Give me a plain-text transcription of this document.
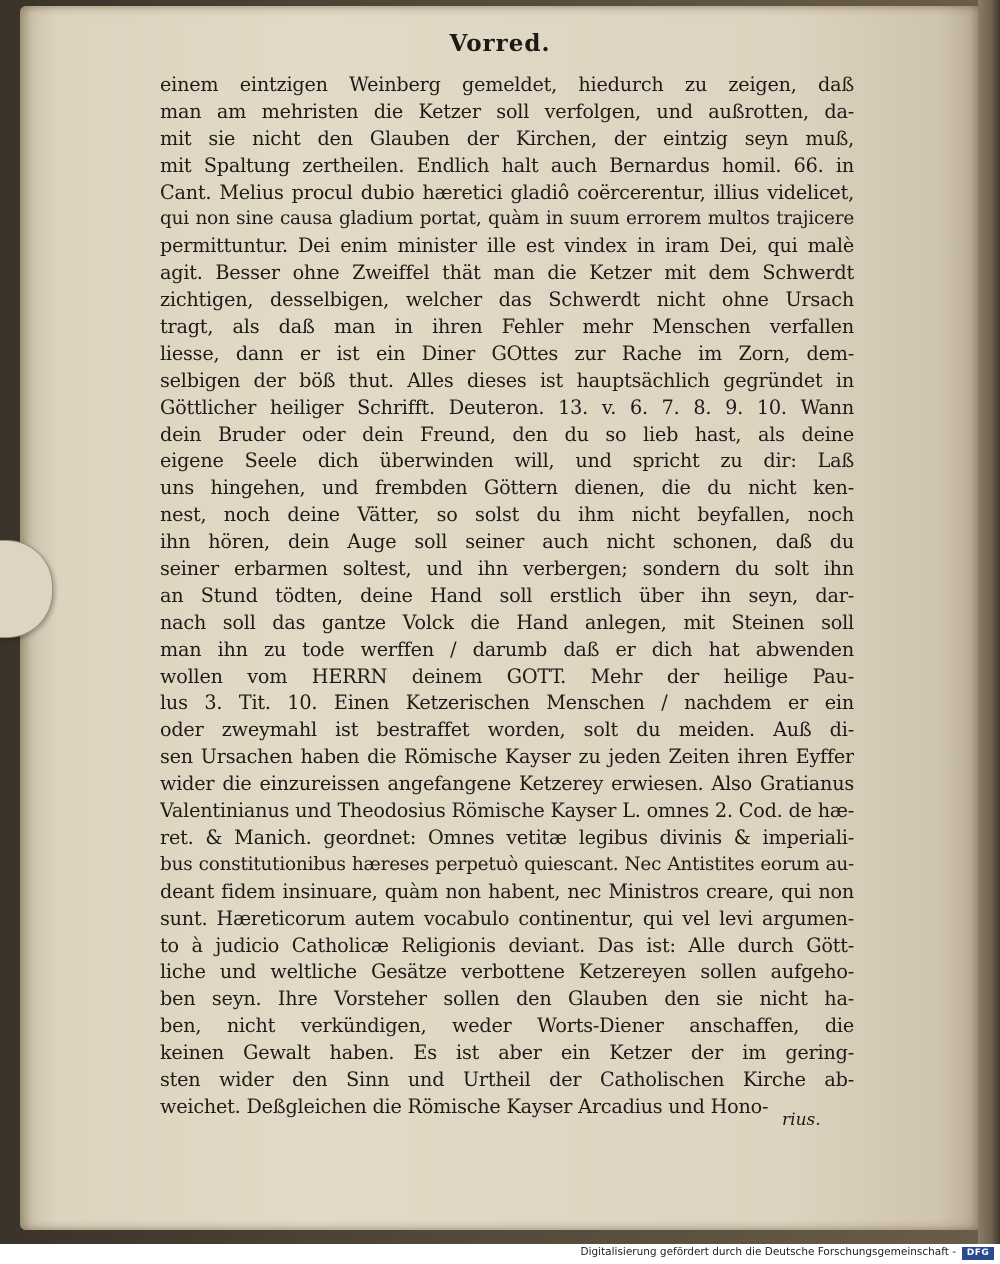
Vorred.
einem eintzigen Weinberg gemeldet, hiedurch zu zeigen, daß
man am mehristen die Ketzer soll verfolgen, und außrotten, da-
mit sie nicht den Glauben der Kirchen, der eintzig seyn muß,
mit Spaltung zertheilen. Endlich halt auch Bernardus homil. 66. in
Cant. Melius procul dubio hæretici gladiô coërcerentur, illius videlicet,
qui non sine causa gladium portat, quàm in suum errorem multos trajicere
permittuntur. Dei enim minister ille est vindex in iram Dei, qui malè
agit. Besser ohne Zweiffel thät man die Ketzer mit dem Schwerdt
zichtigen, desselbigen, welcher das Schwerdt nicht ohne Ursach
tragt, als daß man in ihren Fehler mehr Menschen verfallen
liesse, dann er ist ein Diner GOttes zur Rache im Zorn, dem-
selbigen der böß thut. Alles dieses ist hauptsächlich gegründet in
Göttlicher heiliger Schrifft. Deuteron. 13. v. 6. 7. 8. 9. 10. Wann
dein Bruder oder dein Freund, den du so lieb hast, als deine
eigene Seele dich überwinden will, und spricht zu dir: Laß
uns hingehen, und frembden Göttern dienen, die du nicht ken-
nest, noch deine Vätter, so solst du ihm nicht beyfallen, noch
ihn hören, dein Auge soll seiner auch nicht schonen, daß du
seiner erbarmen soltest, und ihn verbergen; sondern du solt ihn
an Stund tödten, deine Hand soll erstlich über ihn seyn, dar-
nach soll das gantze Volck die Hand anlegen, mit Steinen soll
man ihn zu tode werffen / darumb daß er dich hat abwenden
wollen vom HERRN deinem GOTT. Mehr der heilige Pau-
lus 3. Tit. 10. Einen Ketzerischen Menschen / nachdem er ein
oder zweymahl ist bestraffet worden, solt du meiden. Auß di-
sen Ursachen haben die Römische Kayser zu jeden Zeiten ihren Eyffer
wider die einzureissen angefangene Ketzerey erwiesen. Also Gratianus
Valentinianus und Theodosius Römische Kayser L. omnes 2. Cod. de hæ-
ret. & Manich. geordnet: Omnes vetitæ legibus divinis & imperiali-
bus constitutionibus hæreses perpetuò quiescant. Nec Antistites eorum au-
deant fidem insinuare, quàm non habent, nec Ministros creare, qui non
sunt. Hæreticorum autem vocabulo continentur, qui vel levi argumen-
to à judicio Catholicæ Religionis deviant. Das ist: Alle durch Gött-
liche und weltliche Gesätze verbottene Ketzereyen sollen aufgeho-
ben seyn. Ihre Vorsteher sollen den Glauben den sie nicht ha-
ben, nicht verkündigen, weder Worts-Diener anschaffen, die
keinen Gewalt haben. Es ist aber ein Ketzer der im gering-
sten wider den Sinn und Urtheil der Catholischen Kirche ab-
weichet. Deßgleichen die Römische Kayser Arcadius und Hono-
rius.
Digitalisierung gefördert durch die Deutsche Forschungsgemeinschaft -	DFG
